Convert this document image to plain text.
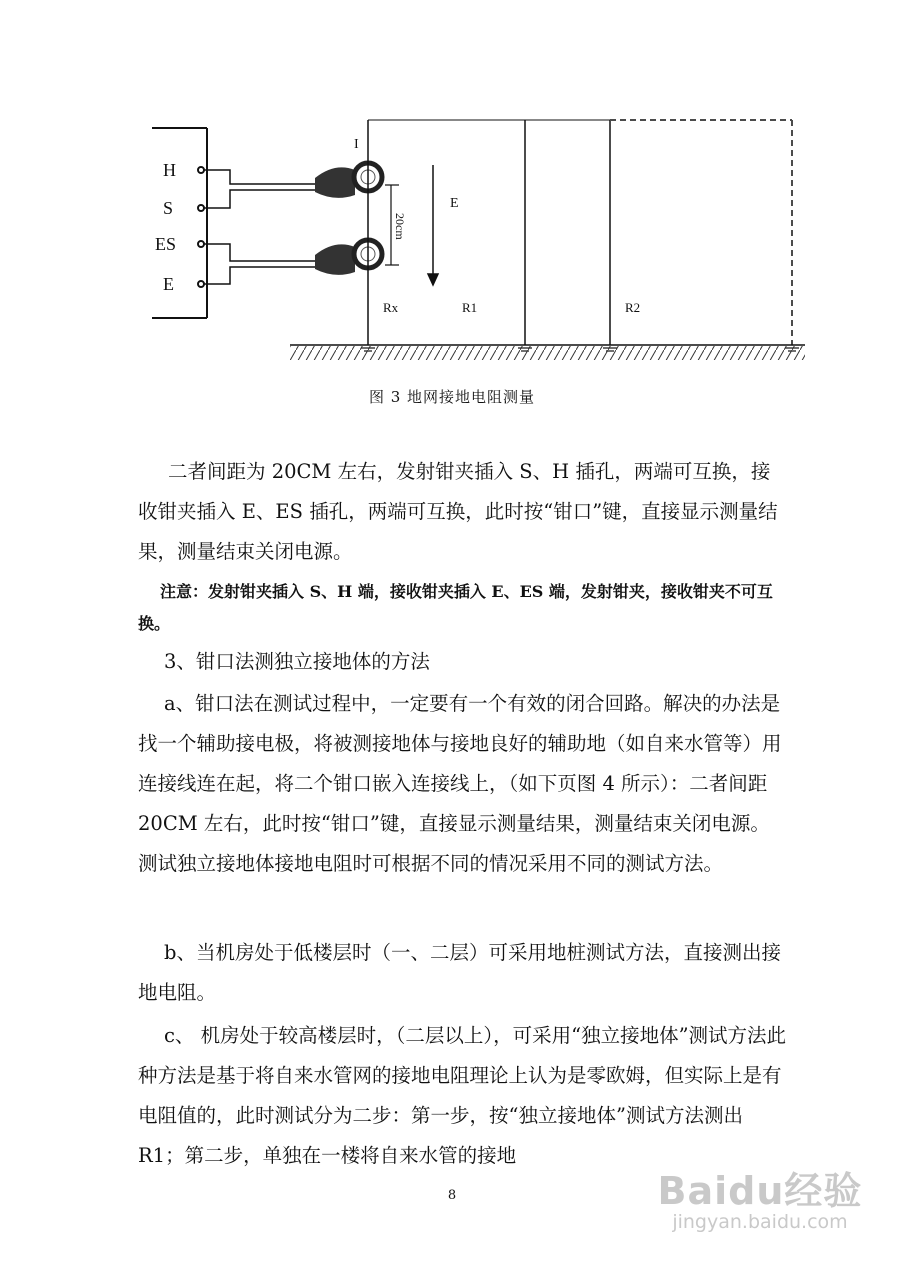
H
S
ES
E
20cm
E
I
Rx	R1	R2
图 3 地网接地电阻测量

二者间距为 20CM 左右，发射钳夹插入 S、H 插孔，两端可互换，接收钳夹插入 E、ES 插孔，两端可互换，此时按“钳口”键，直接显示测量结果，测量结束关闭电源。

注意：发射钳夹插入 S、H 端，接收钳夹插入 E、ES 端，发射钳夹，接收钳夹不可互换。

3、钳口法测独立接地体的方法

a、钳口法在测试过程中，一定要有一个有效的闭合回路。解决的办法是找一个辅助接电极，将被测接地体与接地良好的辅助地（如自来水管等）用连接线连在起，将二个钳口嵌入连接线上，（如下页图 4 所示）：二者间距 20CM 左右，此时按“钳口”键，直接显示测量结果，测量结束关闭电源。测试独立接地体接地电阻时可根据不同的情况采用不同的测试方法。

b、当机房处于低楼层时（一、二层）可采用地桩测试方法，直接测出接地电阻。

c、 机房处于较高楼层时，（二层以上），可采用“独立接地体”测试方法此种方法是基于将自来水管网的接地电阻理论上认为是零欧姆，但实际上是有电阻值的，此时测试分为二步：第一步，按“独立接地体”测试方法测出 R1；第二步，单独在一楼将自来水管的接地

8	Baidu经验
jingyan.baidu.com
